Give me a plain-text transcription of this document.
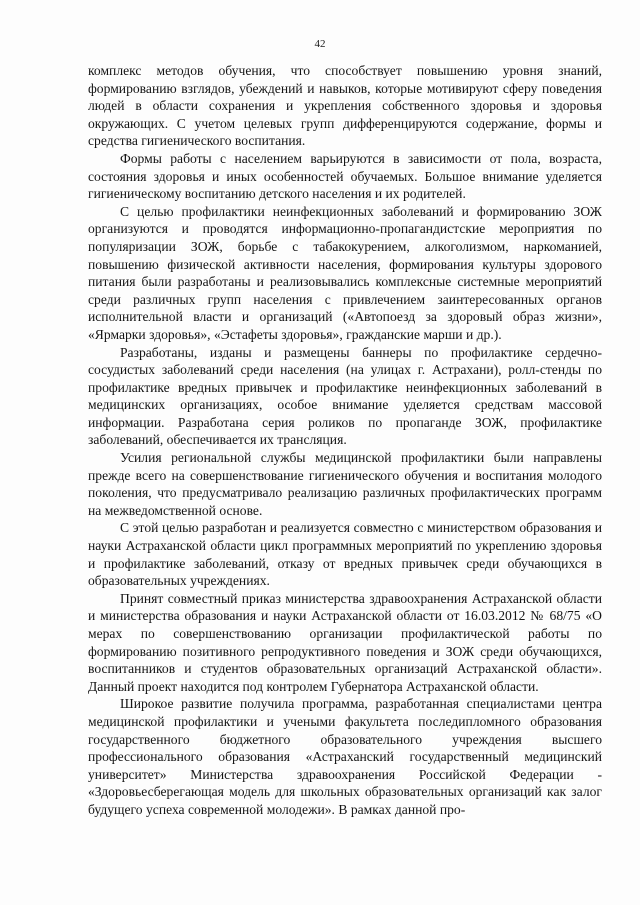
42

комплекс методов обучения, что способствует повышению уровня знаний, формированию взглядов, убеждений и навыков, которые мотивируют сферу поведения людей в области сохранения и укрепления собственного здоровья и здоровья окружающих. С учетом целевых групп дифференцируются содержание, формы и средства гигиенического воспитания.

Формы работы с населением варьируются в зависимости от пола, возраста, состояния здоровья и иных особенностей обучаемых. Большое внимание уделяется гигиеническому воспитанию детского населения и их родителей.

С целью профилактики неинфекционных заболеваний и формированию ЗОЖ организуются и проводятся информационно-пропагандистские мероприятия по популяризации ЗОЖ, борьбе с табакокурением, алкоголизмом, наркоманией, повышению физической активности населения, формирования культуры здорового питания были разработаны и реализовывались комплексные системные мероприятий среди различных групп населения с привлечением заинтересованных органов исполнительной власти и организаций («Автопоезд за здоровый образ жизни», «Ярмарки здоровья», «Эстафеты здоровья», гражданские марши и др.).

Разработаны, изданы и размещены баннеры по профилактике сердечно-сосудистых заболеваний среди населения (на улицах г. Астрахани), ролл-стенды по профилактике вредных привычек и профилактике неинфекционных заболеваний в медицинских организациях, особое внимание уделяется средствам массовой информации. Разработана серия роликов по пропаганде ЗОЖ, профилактике заболеваний, обеспечивается их трансляция.

Усилия региональной службы медицинской профилактики были направлены прежде всего на совершенствование гигиенического обучения и воспитания молодого поколения, что предусматривало реализацию различных профилактических программ на межведомственной основе.

С этой целью разработан и реализуется совместно с министерством образования и науки Астраханской области цикл программных мероприятий по укреплению здоровья и профилактике заболеваний, отказу от вредных привычек среди обучающихся в образовательных учреждениях.

Принят совместный приказ министерства здравоохранения Астраханской области и министерства образования и науки Астраханской области от 16.03.2012 № 68/75 «О мерах по совершенствованию организации профилактической работы по формированию позитивного репродуктивного поведения и ЗОЖ среди обучающихся, воспитанников и студентов образовательных организаций Астраханской области». Данный проект находится под контролем Губернатора Астраханской области.

Широкое развитие получила программа, разработанная специалистами центра медицинской профилактики и учеными факультета последипломного образования государственного бюджетного образовательного учреждения высшего профессионального образования «Астраханский государственный медицинский университет» Министерства здравоохранения Российской Федерации - «Здоровьесберегающая модель для школьных образовательных организаций как залог будущего успеха современной молодежи». В рамках данной про-
